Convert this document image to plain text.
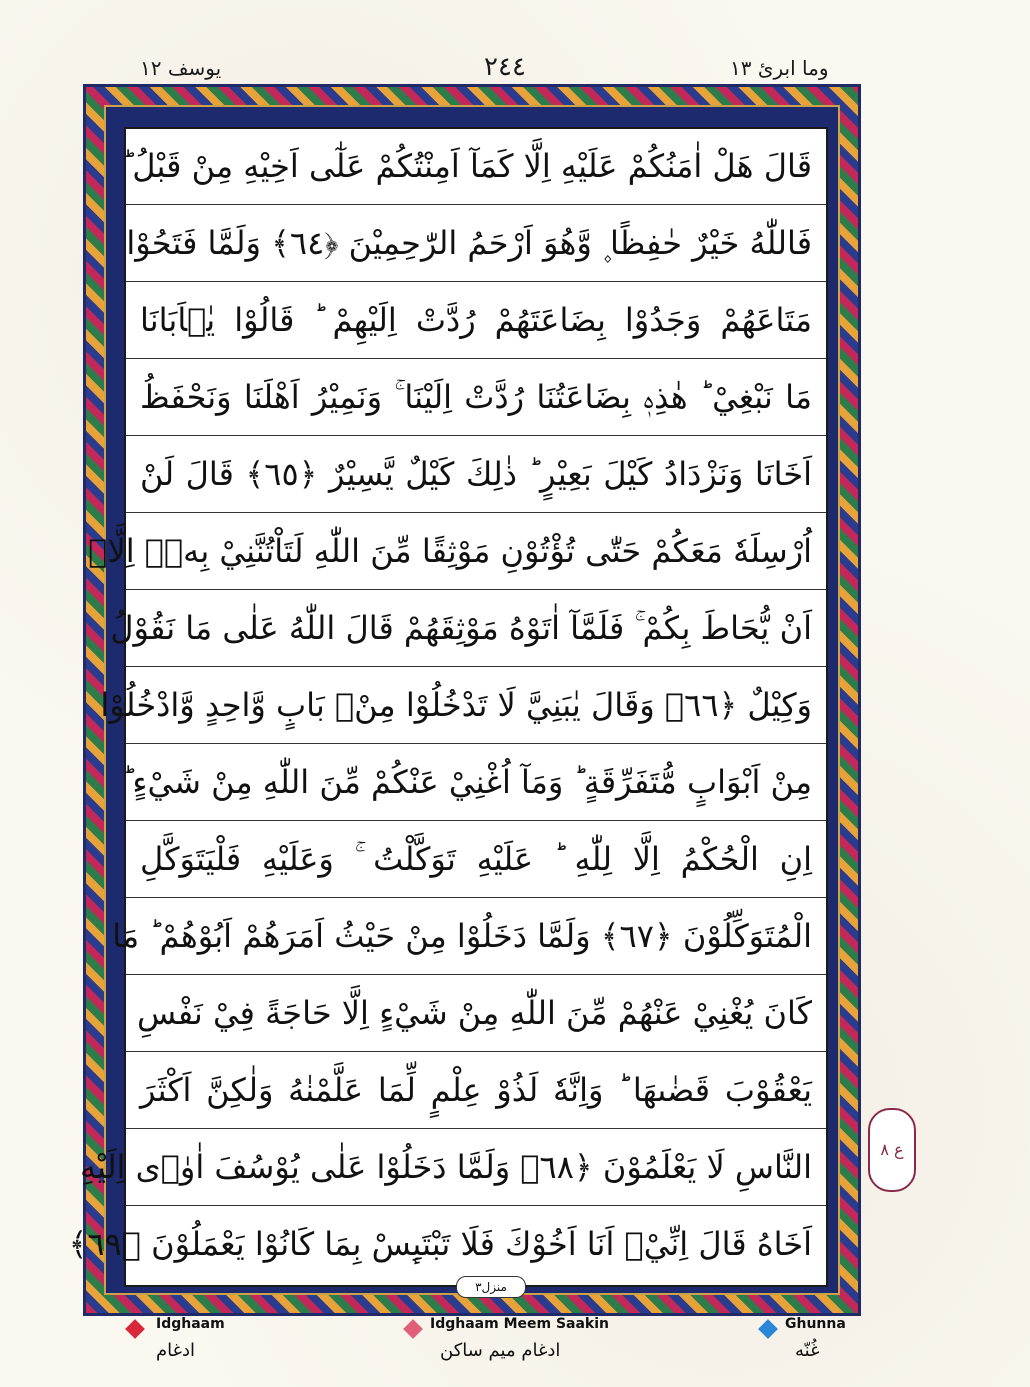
يوسف ١٢	٢٤٤	وما ابرئ ١٣
قَالَ هَلْ اٰمَنُكُمْ عَلَيْهِ اِلَّا كَمَآ اَمِنْتُكُمْ عَلٰٓى اَخِيْهِ مِنْ قَبْلُ ؕ
فَاللّٰهُ خَيْرٌ حٰفِظًا ۪ وَّهُوَ اَرْحَمُ الرّٰحِمِيْنَ ﴿٦٤﴾ وَلَمَّا فَتَحُوْا
مَتَاعَهُمْ وَجَدُوْا بِضَاعَتَهُمْ رُدَّتْ اِلَيْهِمْ ؕ قَالُوْا يٰۤاَبَانَا
مَا نَبْغِيْ ؕ هٰذِهٖ بِضَاعَتُنَا رُدَّتْ اِلَيْنَا ۚ وَنَمِيْرُ اَهْلَنَا وَنَحْفَظُ
اَخَانَا وَنَزْدَادُ كَيْلَ بَعِيْرٍ ؕ ذٰلِكَ كَيْلٌ يَّسِيْرٌ ﴿٦٥﴾ قَالَ لَنْ
اُرْسِلَهٗ مَعَكُمْ حَتّٰى تُؤْتُوْنِ مَوْثِقًا مِّنَ اللّٰهِ لَتَاْتُنَّنِيْ بِهٖۤ اِلَّاۤ
اَنْ يُّحَاطَ بِكُمْ ۚ فَلَمَّآ اٰتَوْهُ مَوْثِقَهُمْ قَالَ اللّٰهُ عَلٰى مَا نَقُوْلُ
وَكِيْلٌ ﴿٦٦﴾ وَقَالَ يٰبَنِيَّ لَا تَدْخُلُوْا مِنْۢ بَابٍ وَّاحِدٍ وَّادْخُلُوْا
مِنْ اَبْوَابٍ مُّتَفَرِّقَةٍ ؕ وَمَآ اُغْنِيْ عَنْكُمْ مِّنَ اللّٰهِ مِنْ شَيْءٍ ؕ
اِنِ الْحُكْمُ اِلَّا لِلّٰهِ ؕ عَلَيْهِ تَوَكَّلْتُ ۚ وَعَلَيْهِ فَلْيَتَوَكَّلِ
الْمُتَوَكِّلُوْنَ ﴿٦٧﴾ وَلَمَّا دَخَلُوْا مِنْ حَيْثُ اَمَرَهُمْ اَبُوْهُمْ ؕ مَا
كَانَ يُغْنِيْ عَنْهُمْ مِّنَ اللّٰهِ مِنْ شَيْءٍ اِلَّا حَاجَةً فِيْ نَفْسِ
يَعْقُوْبَ قَضٰىهَا ؕ وَاِنَّهٗ لَذُوْ عِلْمٍ لِّمَا عَلَّمْنٰهُ وَلٰكِنَّ اَكْثَرَ
النَّاسِ لَا يَعْلَمُوْنَ ﴿٦٨﴾ وَلَمَّا دَخَلُوْا عَلٰى يُوْسُفَ اٰوٰۤى اِلَيْهِ
اَخَاهُ قَالَ اِنِّيْۤ اَنَا اَخُوْكَ فَلَا تَبْتَىِٕسْ بِمَا كَانُوْا يَعْمَلُوْنَ ﴿٦٩﴾
منزل٣
ع ٨
Idghaam
ادغام
Idghaam Meem Saakin
ادغام میم ساکن
Ghunna
غُنّه
